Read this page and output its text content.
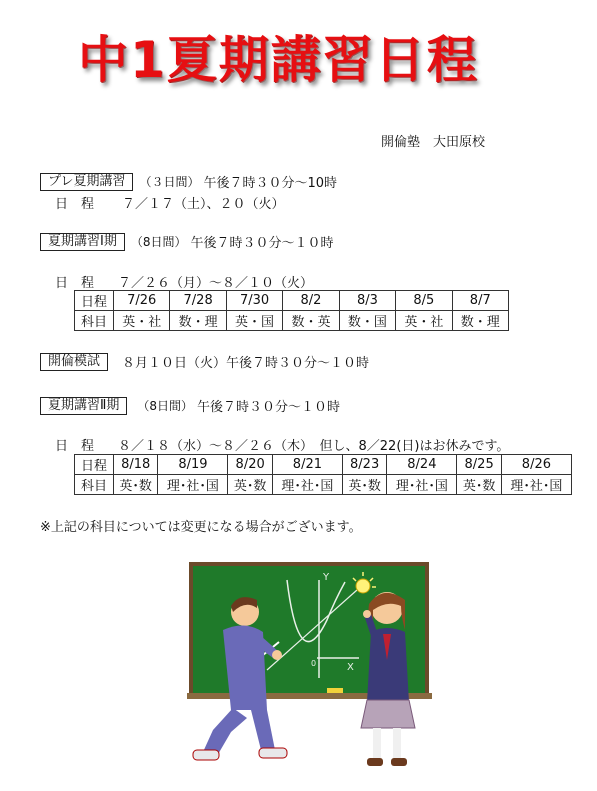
中1夏期講習日程
開倫塾　大田原校
プレ夏期講習	（３日間） 午後７時３０分～10時
日　程 ７／１７（土）、２０（火）
夏期講習Ⅰ期	（8日間） 午後７時３０分～１０時
日　程 ７／２６（月）～８／１０（火）
日程	7/26	7/28	7/30	8/2	8/3	8/5	8/7
科目	英・社	数・理	英・国	数・英	数・国	英・社	数・理
開倫模試	８月１０日（火）午後７時３０分～１０時
夏期講習Ⅱ期	（8日間） 午後７時３０分～１０時
日　程 ８／１８（水）～８／２６（木）　但し、8／22(日)はお休みです。
日程	8/18	8/19	8/20	8/21	8/23	8/24	8/25	8/26
科目	英･数	理･社･国	英･数	理･社･国	英･数	理･社･国	英･数	理･社･国
※上記の科目については変更になる場合がございます。
Y
X
0
